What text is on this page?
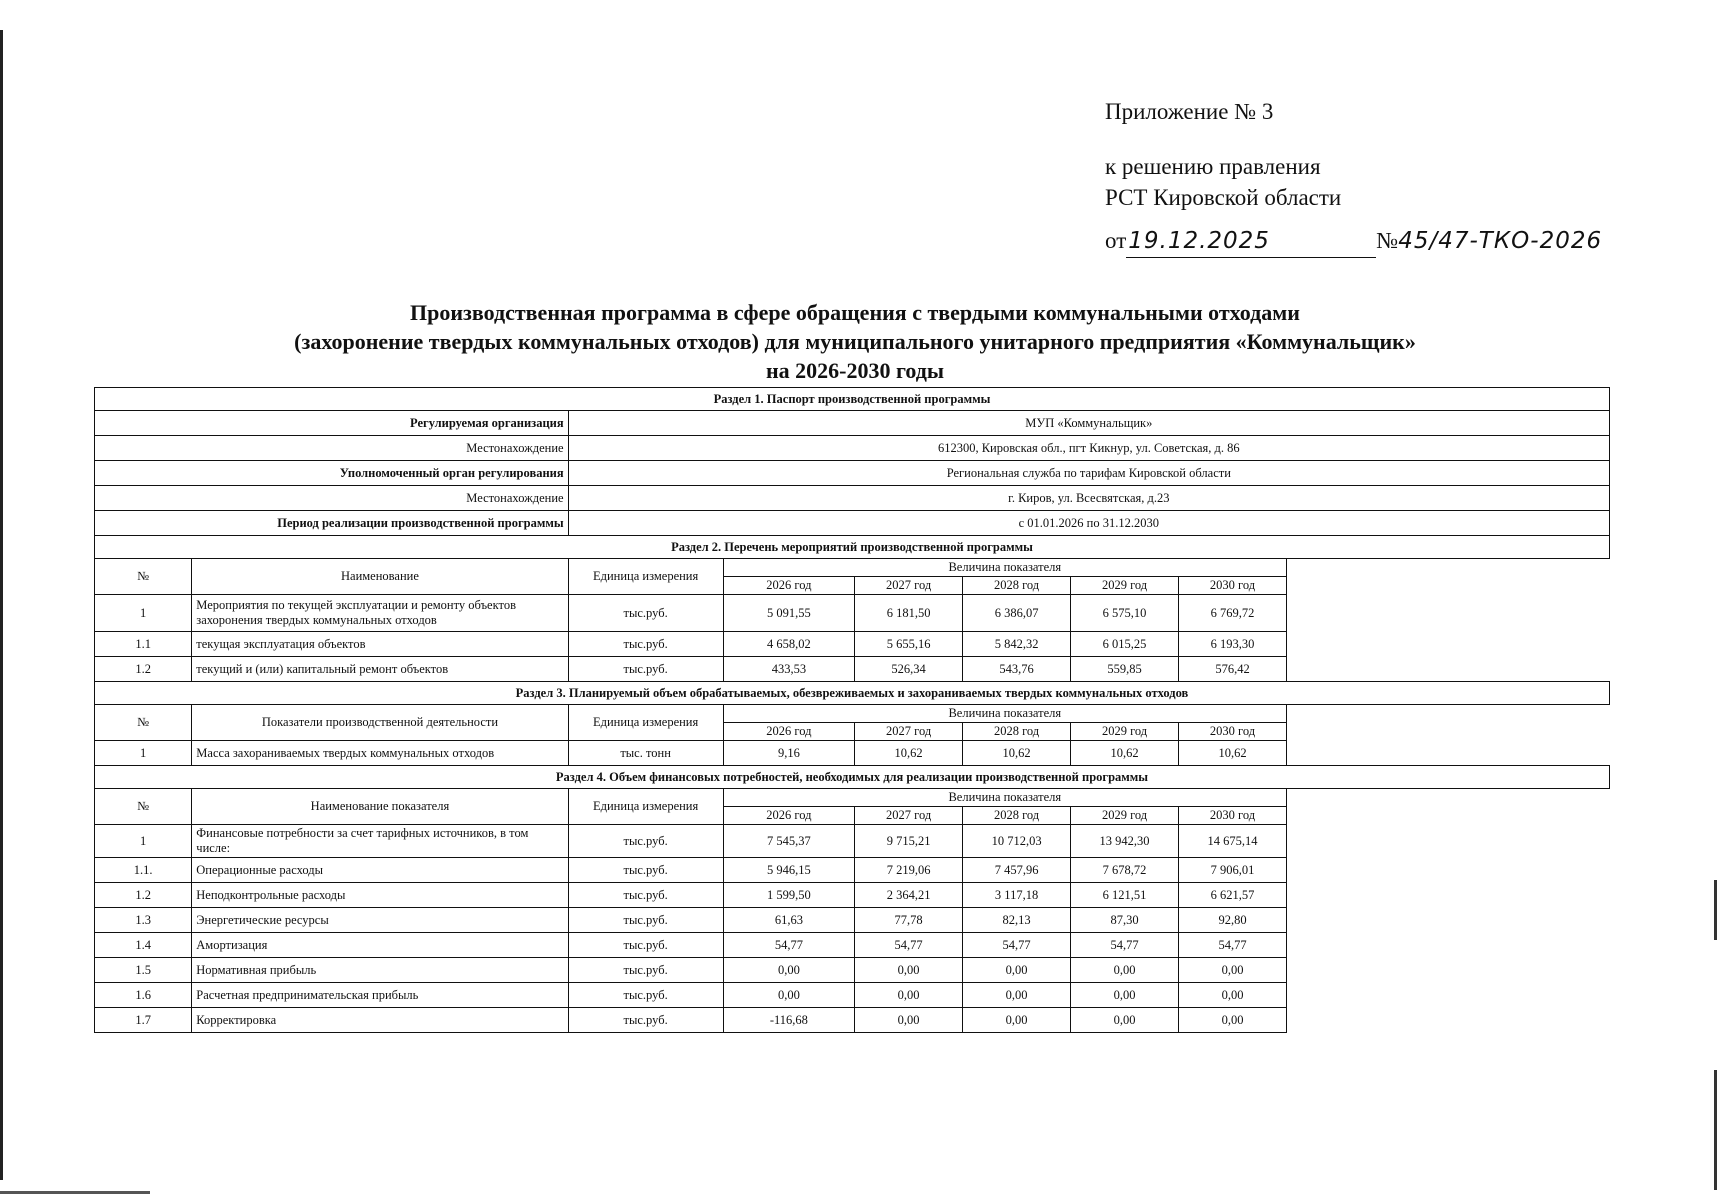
Приложение № 3
к решению правления
РСТ Кировской области
от19.12.2025	№45/47-ТКО-2026
Производственная программа в сфере обращения с твердыми коммунальными отходами
(захоронение твердых коммунальных отходов) для муниципального унитарного предприятия «Коммунальщик»
на 2026-2030 годы
Раздел 1. Паспорт производственной программы							
Регулируемая организация		МУП «Коммунальщик»					
Местонахождение		612300, Кировская обл., пгт Кикнур, ул. Советская, д. 86					
Уполномоченный орган регулирования		Региональная служба по тарифам Кировской области					
Местонахождение		г. Киров, ул. Всесвятская, д.23					
Период реализации производственной программы		с 01.01.2026 по 31.12.2030					
Раздел 2. Перечень мероприятий производственной программы							
№	Наименование	Единица измерения	Величина показателя				
			2026 год	2027 год	2028 год	2029 год	2030 год
1	Мероприятия по текущей эксплуатации и ремонту объектов захоронения твердых коммунальных отходов	тыс.руб.	5 091,55	6 181,50	6 386,07	6 575,10	6 769,72
1.1	текущая эксплуатация объектов	тыс.руб.	4 658,02	5 655,16	5 842,32	6 015,25	6 193,30
1.2	текущий и (или) капитальный ремонт объектов	тыс.руб.	433,53	526,34	543,76	559,85	576,42
Раздел 3. Планируемый объем обрабатываемых, обезвреживаемых и захораниваемых твердых коммунальных отходов							
№	Показатели производственной деятельности	Единица измерения	Величина показателя				
			2026 год	2027 год	2028 год	2029 год	2030 год
1	Масса захораниваемых твердых коммунальных отходов	тыс. тонн	9,16	10,62	10,62	10,62	10,62
Раздел 4. Объем финансовых потребностей, необходимых для реализации производственной программы							
№	Наименование показателя	Единица измерения	Величина показателя				
			2026 год	2027 год	2028 год	2029 год	2030 год
1	Финансовые потребности за счет тарифных источников, в том числе:	тыс.руб.	7 545,37	9 715,21	10 712,03	13 942,30	14 675,14
1.1.	Операционные расходы	тыс.руб.	5 946,15	7 219,06	7 457,96	7 678,72	7 906,01
1.2	Неподконтрольные расходы	тыс.руб.	1 599,50	2 364,21	3 117,18	6 121,51	6 621,57
1.3	Энергетические ресурсы	тыс.руб.	61,63	77,78	82,13	87,30	92,80
1.4	Амортизация	тыс.руб.	54,77	54,77	54,77	54,77	54,77
1.5	Нормативная прибыль	тыс.руб.	0,00	0,00	0,00	0,00	0,00
1.6	Расчетная предпринимательская прибыль	тыс.руб.	0,00	0,00	0,00	0,00	0,00
1.7	Корректировка	тыс.руб.	-116,68	0,00	0,00	0,00	0,00
